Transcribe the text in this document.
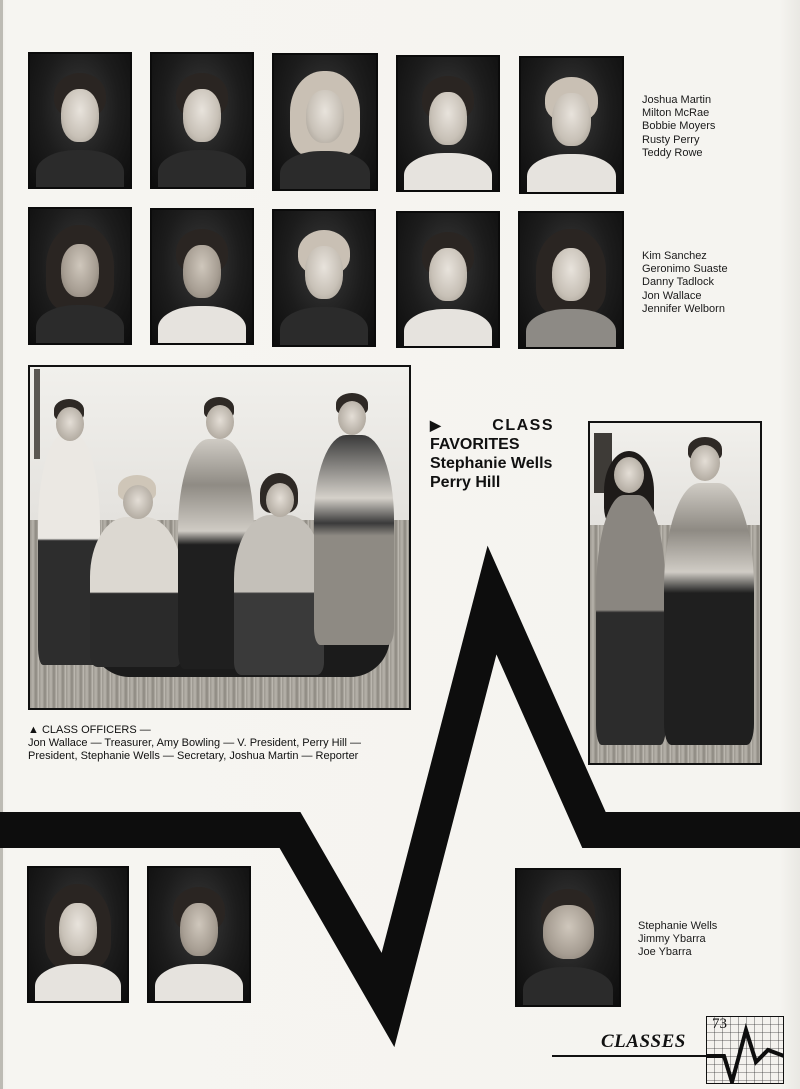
Joshua Martin
Milton McRae
Bobbie Moyers
Rusty Perry
Teddy Rowe
Kim Sanchez
Geronimo Suaste
Danny Tadlock
Jon Wallace
Jennifer Welborn
▶	CLASS
FAVORITES
Stephanie Wells
Perry Hill
▲ CLASS OFFICERS —
Jon Wallace — Treasurer, Amy Bowling — V. President, Perry Hill —
President, Stephanie Wells — Secretary, Joshua Martin — Reporter
Stephanie Wells
Jimmy Ybarra
Joe Ybarra
CLASSES
73
